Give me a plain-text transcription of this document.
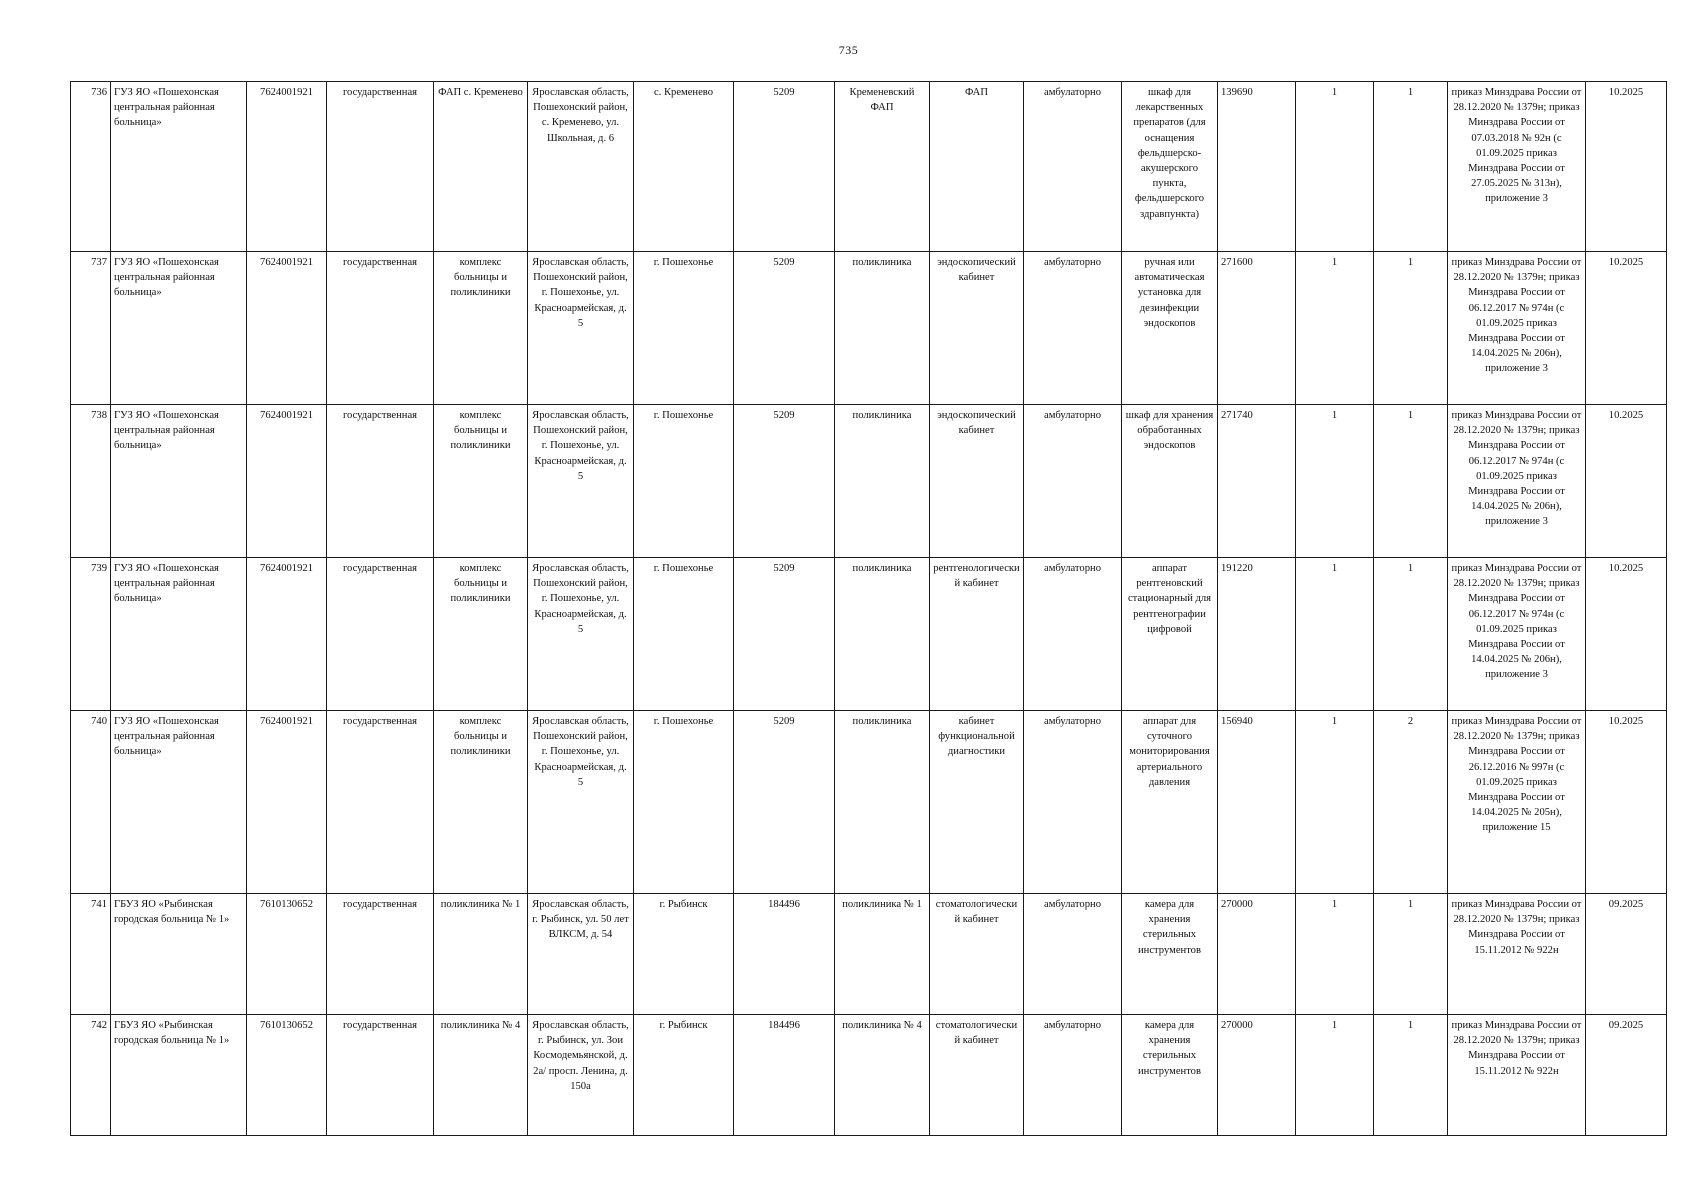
735
736	ГУЗ ЯО «Пошехонская центральная районная больница»	7624001921	государственная	ФАП с. Кременево	Ярославская область, Пошехонский район, с. Кременево, ул. Школьная, д. 6	с. Кременево	5209	Кременевский ФАП	ФАП	амбулаторно	шкаф для лекарственных препаратов (для оснащения фельдшерско-акушерского пункта, фельдшерского здравпункта)	139690	1	1	приказ Минздрава России от 28.12.2020 № 1379н; приказ Минздрава России от 07.03.2018 № 92н (с 01.09.2025 приказ Минздрава России от 27.05.2025 № 313н), приложение 3	10.2025
737	ГУЗ ЯО «Пошехонская центральная районная больница»	7624001921	государственная	комплекс больницы и поликлиники	Ярославская область, Пошехонский район, г. Пошехонье, ул. Красноармейская, д. 5	г. Пошехонье	5209	поликлиника	эндоскопический кабинет	амбулаторно	ручная или автоматическая установка для дезинфекции эндоскопов	271600	1	1	приказ Минздрава России от 28.12.2020 № 1379н; приказ Минздрава России от 06.12.2017 № 974н (с 01.09.2025 приказ Минздрава России от 14.04.2025 № 206н), приложение 3	10.2025
738	ГУЗ ЯО «Пошехонская центральная районная больница»	7624001921	государственная	комплекс больницы и поликлиники	Ярославская область, Пошехонский район, г. Пошехонье, ул. Красноармейская, д. 5	г. Пошехонье	5209	поликлиника	эндоскопический кабинет	амбулаторно	шкаф для хранения обработанных эндоскопов	271740	1	1	приказ Минздрава России от 28.12.2020 № 1379н; приказ Минздрава России от 06.12.2017 № 974н (с 01.09.2025 приказ Минздрава России от 14.04.2025 № 206н), приложение 3	10.2025
739	ГУЗ ЯО «Пошехонская центральная районная больница»	7624001921	государственная	комплекс больницы и поликлиники	Ярославская область, Пошехонский район, г. Пошехонье, ул. Красноармейская, д. 5	г. Пошехонье	5209	поликлиника	рентгенологический кабинет	амбулаторно	аппарат рентгеновский стационарный для рентгенографии цифровой	191220	1	1	приказ Минздрава России от 28.12.2020 № 1379н; приказ Минздрава России от 06.12.2017 № 974н (с 01.09.2025 приказ Минздрава России от 14.04.2025 № 206н), приложение 3	10.2025
740	ГУЗ ЯО «Пошехонская центральная районная больница»	7624001921	государственная	комплекс больницы и поликлиники	Ярославская область, Пошехонский район, г. Пошехонье, ул. Красноармейская, д. 5	г. Пошехонье	5209	поликлиника	кабинет функциональной диагностики	амбулаторно	аппарат для суточного мониторирования артериального давления	156940	1	2	приказ Минздрава России от 28.12.2020 № 1379н; приказ Минздрава России от 26.12.2016 № 997н (с 01.09.2025 приказ Минздрава России от 14.04.2025 № 205н), приложение 15	10.2025
741	ГБУЗ ЯО «Рыбинская городская больница № 1»	7610130652	государственная	поликлиника № 1	Ярославская область, г. Рыбинск, ул. 50 лет ВЛКСМ, д. 54	г. Рыбинск	184496	поликлиника № 1	стоматологический кабинет	амбулаторно	камера для хранения стерильных инструментов	270000	1	1	приказ Минздрава России от 28.12.2020 № 1379н; приказ Минздрава России от 15.11.2012 № 922н	09.2025
742	ГБУЗ ЯО «Рыбинская городская больница № 1»	7610130652	государственная	поликлиника № 4	Ярославская область, г. Рыбинск, ул. Зои Космодемьянской, д. 2а/ просп. Ленина, д. 150а	г. Рыбинск	184496	поликлиника № 4	стоматологический кабинет	амбулаторно	камера для хранения стерильных инструментов	270000	1	1	приказ Минздрава России от 28.12.2020 № 1379н; приказ Минздрава России от 15.11.2012 № 922н	09.2025
